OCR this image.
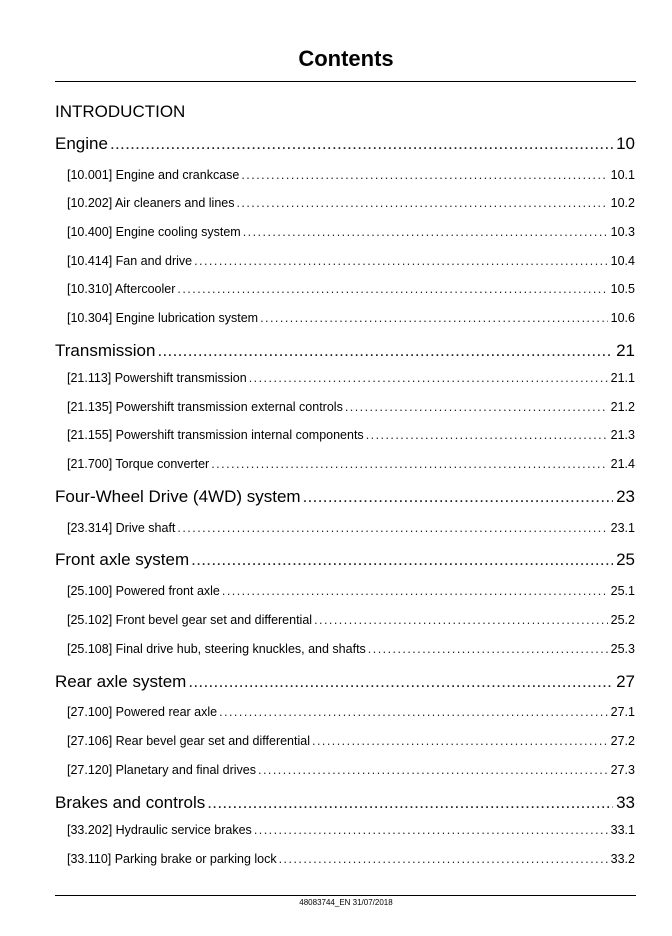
Contents
INTRODUCTION
Engine . . .	10
[10.001] Engine and crankcase . . .	10.1
[10.202] Air cleaners and lines . . .	10.2
[10.400] Engine cooling system . . .	10.3
[10.414] Fan and drive . . .	10.4
[10.310] Aftercooler . . .	10.5
[10.304] Engine lubrication system . . .	10.6
Transmission . . .	21
[21.113] Powershift transmission . . .	21.1
[21.135] Powershift transmission external controls . . .	21.2
[21.155] Powershift transmission internal components . . .	21.3
[21.700] Torque converter . . .	21.4
Four-Wheel Drive (4WD) system . . .	23
[23.314] Drive shaft . . .	23.1
Front axle system . . .	25
[25.100] Powered front axle . . .	25.1
[25.102] Front bevel gear set and differential . . .	25.2
[25.108] Final drive hub, steering knuckles, and shafts . . .	25.3
Rear axle system . . .	27
[27.100] Powered rear axle . . .	27.1
[27.106] Rear bevel gear set and differential . . .	27.2
[27.120] Planetary and final drives . . .	27.3
Brakes and controls . . .	33
[33.202] Hydraulic service brakes . . .	33.1
[33.110] Parking brake or parking lock . . .	33.2
48083744_EN 31/07/2018
